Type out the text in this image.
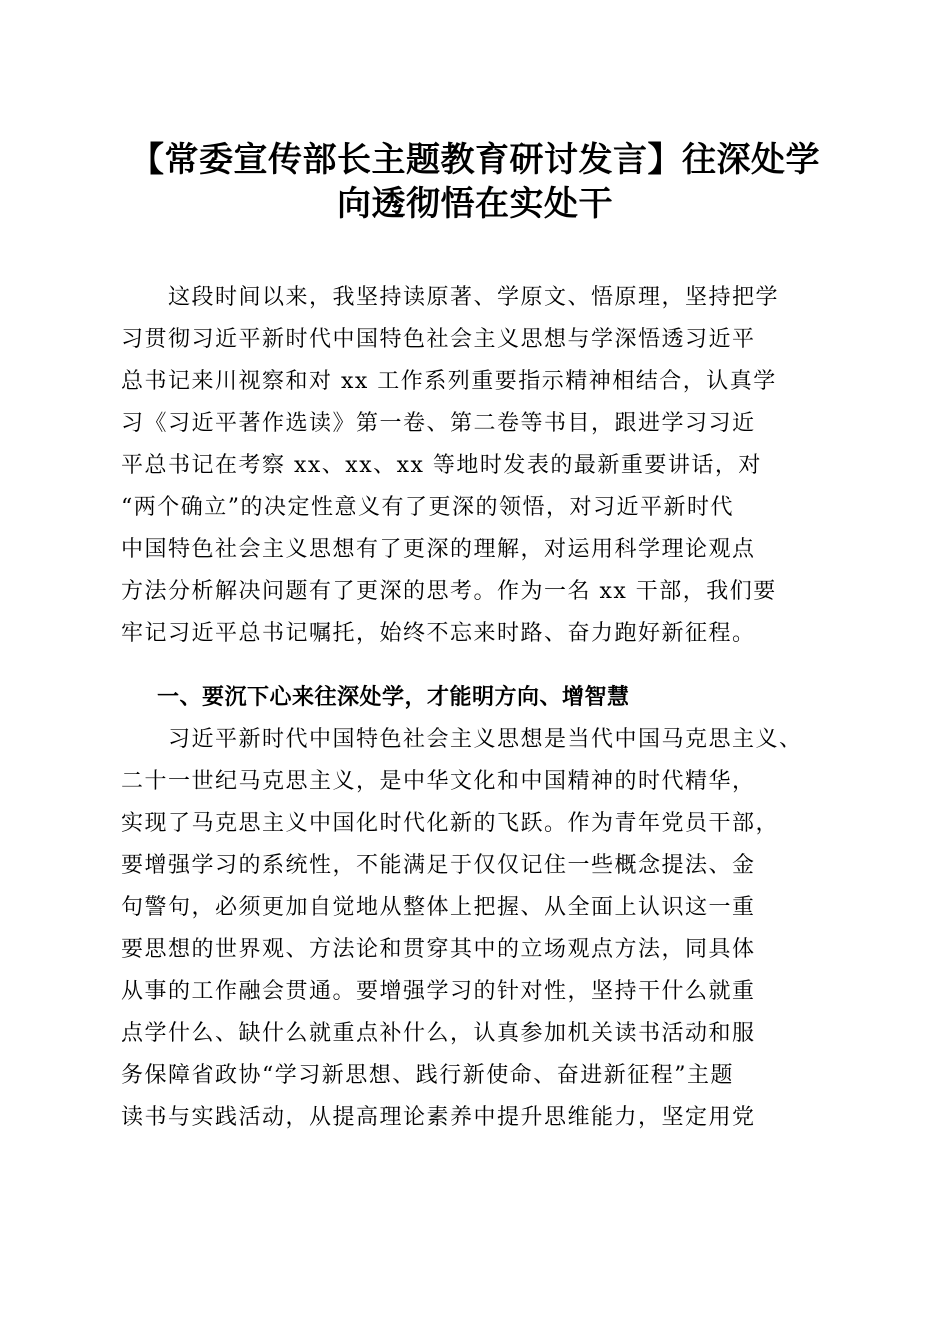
【常委宣传部长主题教育研讨发言】往深处学
向透彻悟在实处干
　　这段时间以来，我坚持读原著、学原文、悟原理，坚持把学
习贯彻习近平新时代中国特色社会主义思想与学深悟透习近平
总书记来川视察和对 xx 工作系列重要指示精神相结合，认真学
习《习近平著作选读》第一卷、第二卷等书目，跟进学习习近
平总书记在考察 xx、xx、xx 等地时发表的最新重要讲话，对
“两个确立”的决定性意义有了更深的领悟，对习近平新时代
中国特色社会主义思想有了更深的理解，对运用科学理论观点
方法分析解决问题有了更深的思考。作为一名 xx 干部，我们要
牢记习近平总书记嘱托，始终不忘来时路、奋力跑好新征程。
一、要沉下心来往深处学，才能明方向、增智慧
　　习近平新时代中国特色社会主义思想是当代中国马克思主义、
二十一世纪马克思主义，是中华文化和中国精神的时代精华，
实现了马克思主义中国化时代化新的飞跃。作为青年党员干部，
要增强学习的系统性，不能满足于仅仅记住一些概念提法、金
句警句，必须更加自觉地从整体上把握、从全面上认识这一重
要思想的世界观、方法论和贯穿其中的立场观点方法，同具体
从事的工作融会贯通。要增强学习的针对性，坚持干什么就重
点学什么、缺什么就重点补什么，认真参加机关读书活动和服
务保障省政协“学习新思想、践行新使命、奋进新征程”主题
读书与实践活动，从提高理论素养中提升思维能力，坚定用党
